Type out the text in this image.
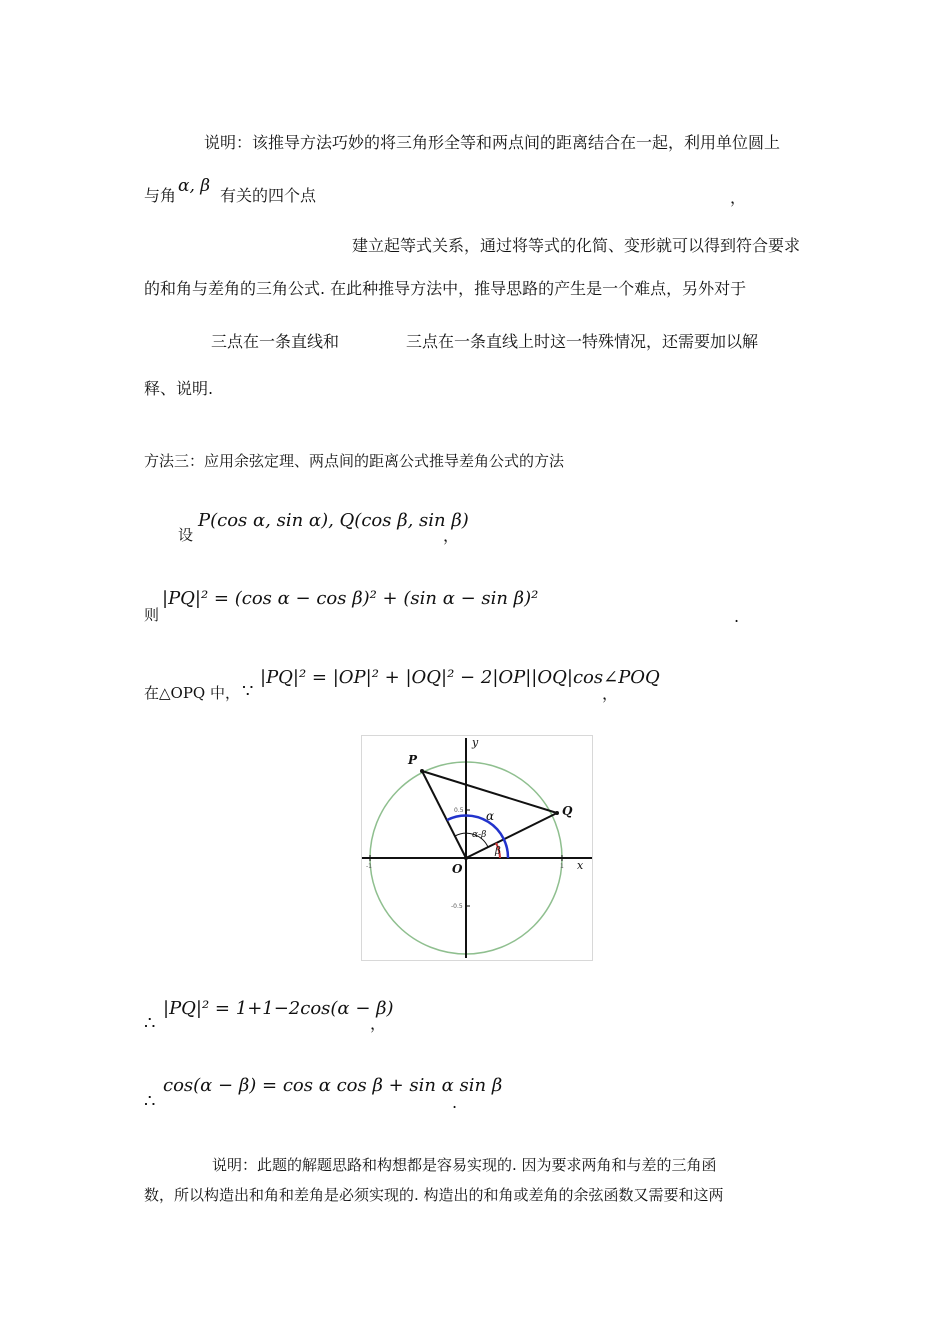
说明：该推导方法巧妙的将三角形全等和两点间的距离结合在一起，利用单位圆上
与角 α, β 有关的四个点	，
建立起等式关系，通过将等式的化简、变形就可以得到符合要求
的和角与差角的三角公式. 在此种推导方法中，推导思路的产生是一个难点，另外对于
三点在一条直线和	三点在一条直线上时这一特殊情况，还需要加以解
释、说明.
方法三：应用余弦定理、两点间的距离公式推导差角公式的方法
设
P(cos α, sin α), Q(cos β, sin β)
，
则
|PQ|² = (cos α − cos β)² + (sin α − sin β)²
.
在△OPQ 中， ∵
|PQ|² = |OP|² + |OQ|² − 2|OP||OQ|cos∠POQ
，
P
Q
O	x
y
α
α-β
β
0.5
-0.5
-1	1
∴
|PQ|² = 1+1−2cos(α − β)
，
∴
cos(α − β) = cos α cos β + sin α sin β
.
说明：此题的解题思路和构想都是容易实现的. 因为要求两角和与差的三角函
数，所以构造出和角和差角是必须实现的. 构造出的和角或差角的余弦函数又需要和这两
